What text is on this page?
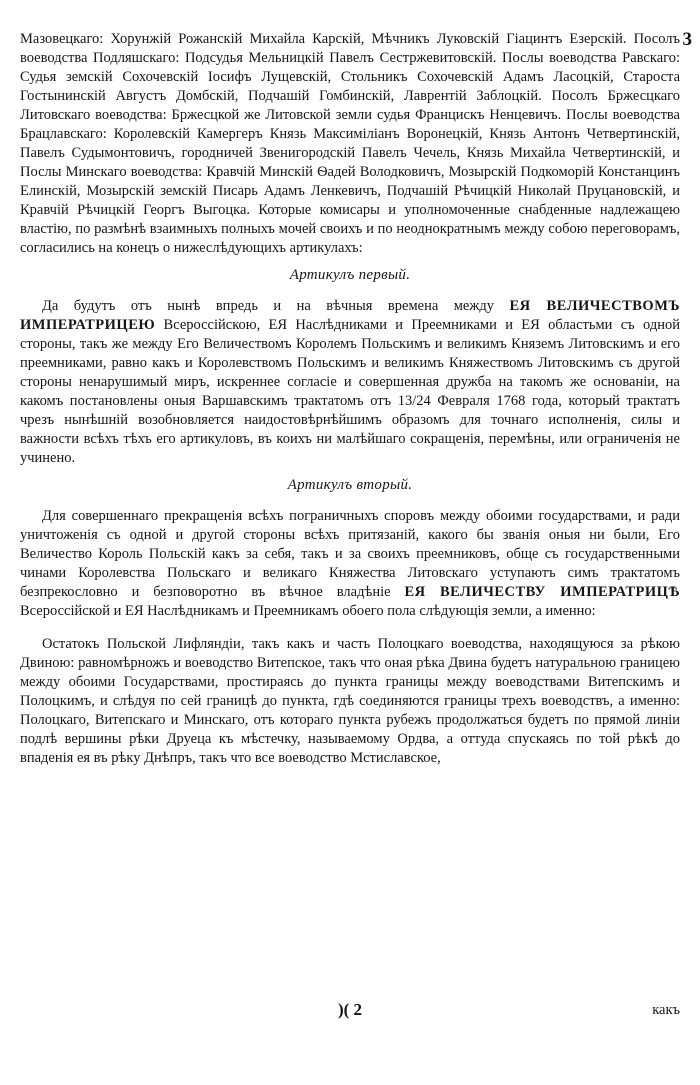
3

Мазовецкаго: Хорунжій Рожанскій Михайла Карскій, Мѣчникъ Луковскій Гіацинтъ Езерскій. Посолъ воеводства Подляшскаго: Подсудья Мельницкій Павелъ Сестржевитовскій. Послы воеводства Равскаго: Судья земскій Сохочевскій Іосифъ Лущевскій, Стольникъ Сохочевскій Адамъ Ласоцкій, Староста Гостынинскій Августъ Домбскій, Подчашій Гомбинскій, Лаврентій Заблоцкій. Посолъ Бржесцкаго Литовскаго воеводства: Бржесцкой же Литовской земли судья Францискъ Ненцевичъ. Послы воеводства Брацлавскаго: Королевскій Камергеръ Князь Максиміліанъ Воронецкій, Князь Антонъ Четвертинскій, Павелъ Судымонтовичъ, городничей Звенигородскій Павелъ Чечель, Князь Михайла Четвертинскій, и Послы Минскаго воеводства: Кравчій Минскій Ѳадей Володковичъ, Мозырскій Подкоморій Констанцинъ Елинскій, Мозырскій земскій Писарь Адамъ Ленкевичъ, Подчашій Рѣчицкій Николай Пруцановскій, и Кравчій Рѣчицкій Георгъ Выгоцка. Которые комисары и уполномоченные снабденные надлежащею властію, по размѣнѣ взаимныхъ полныхъ мочей своихъ и по неоднократнымъ между собою переговорамъ, согласились на конецъ о нижеслѣдующихъ артикулахъ:

Артикулъ первый.

Да будутъ отъ нынѣ впредь и на вѣчныя времена между ЕЯ ВЕЛИЧЕСТВОМЪ ИМПЕРАТРИЦЕЮ Всероссійскою, ЕЯ Наслѣдниками и Преемниками и ЕЯ областьми съ одной стороны, такъ же между Его Величествомъ Королемъ Польскимъ и великимъ Княземъ Литовскимъ и его преемниками, равно какъ и Королевствомъ Польскимъ и великимъ Княжествомъ Литовскимъ съ другой стороны ненарушимый миръ, искреннее согласіе и совершенная дружба на такомъ же основаніи, на какомъ постановлены оныя Варшавскимъ трактатомъ отъ 13/24 Февраля 1768 года, который трактатъ чрезъ нынѣшній возобновляется наидостовѣрнѣйшимъ образомъ для точнаго исполненія, силы и важности всѣхъ тѣхъ его артикуловъ, въ коихъ ни малѣйшаго сокращенія, перемѣны, или ограниченія не учинено.

Артикулъ вторый.

Для совершеннаго прекращенія всѣхъ пограничныхъ споровъ между обоими государствами, и ради уничтоженія съ одной и другой стороны всѣхъ притязаній, какого бы званія оныя ни были, Его Величество Король Польскій какъ за себя, такъ и за своихъ преемниковъ, обще съ государственными чинами Королевства Польскаго и великаго Княжества Литовскаго уступаютъ симъ трактатомъ безпрекословно и безповоротно въ вѣчное владѣніе ЕЯ ВЕЛИЧЕСТВУ ИМПЕРАТРИЦѢ Всероссійской и ЕЯ Наслѣдникамъ и Преемникамъ обоего пола слѣдующія земли, а именно:

Остатокъ Польской Лифляндіи, такъ какъ и часть Полоцкаго воеводства, находящуюся за рѣкою Двиною: равномѣрножъ и воеводство Витепское, такъ что оная рѣка Двина будетъ натуральною границею между обоими Государствами, простираясь до пункта границы между воеводствами Витепскимъ и Полоцкимъ, и слѣдуя по сей границѣ до пункта, гдѣ соединяются границы трехъ воеводствъ, а именно: Полоцкаго, Витепскаго и Минскаго, отъ котораго пункта рубежъ продолжаться будетъ по прямой линіи подлѣ вершины рѣки Друеца къ мѣстечку, называемому Ордва, а оттуда спускаясь по той рѣкѣ до впаденія ея въ рѣку Днѣпръ, такъ что все воеводство Мстиславское,

)( 2	какъ
